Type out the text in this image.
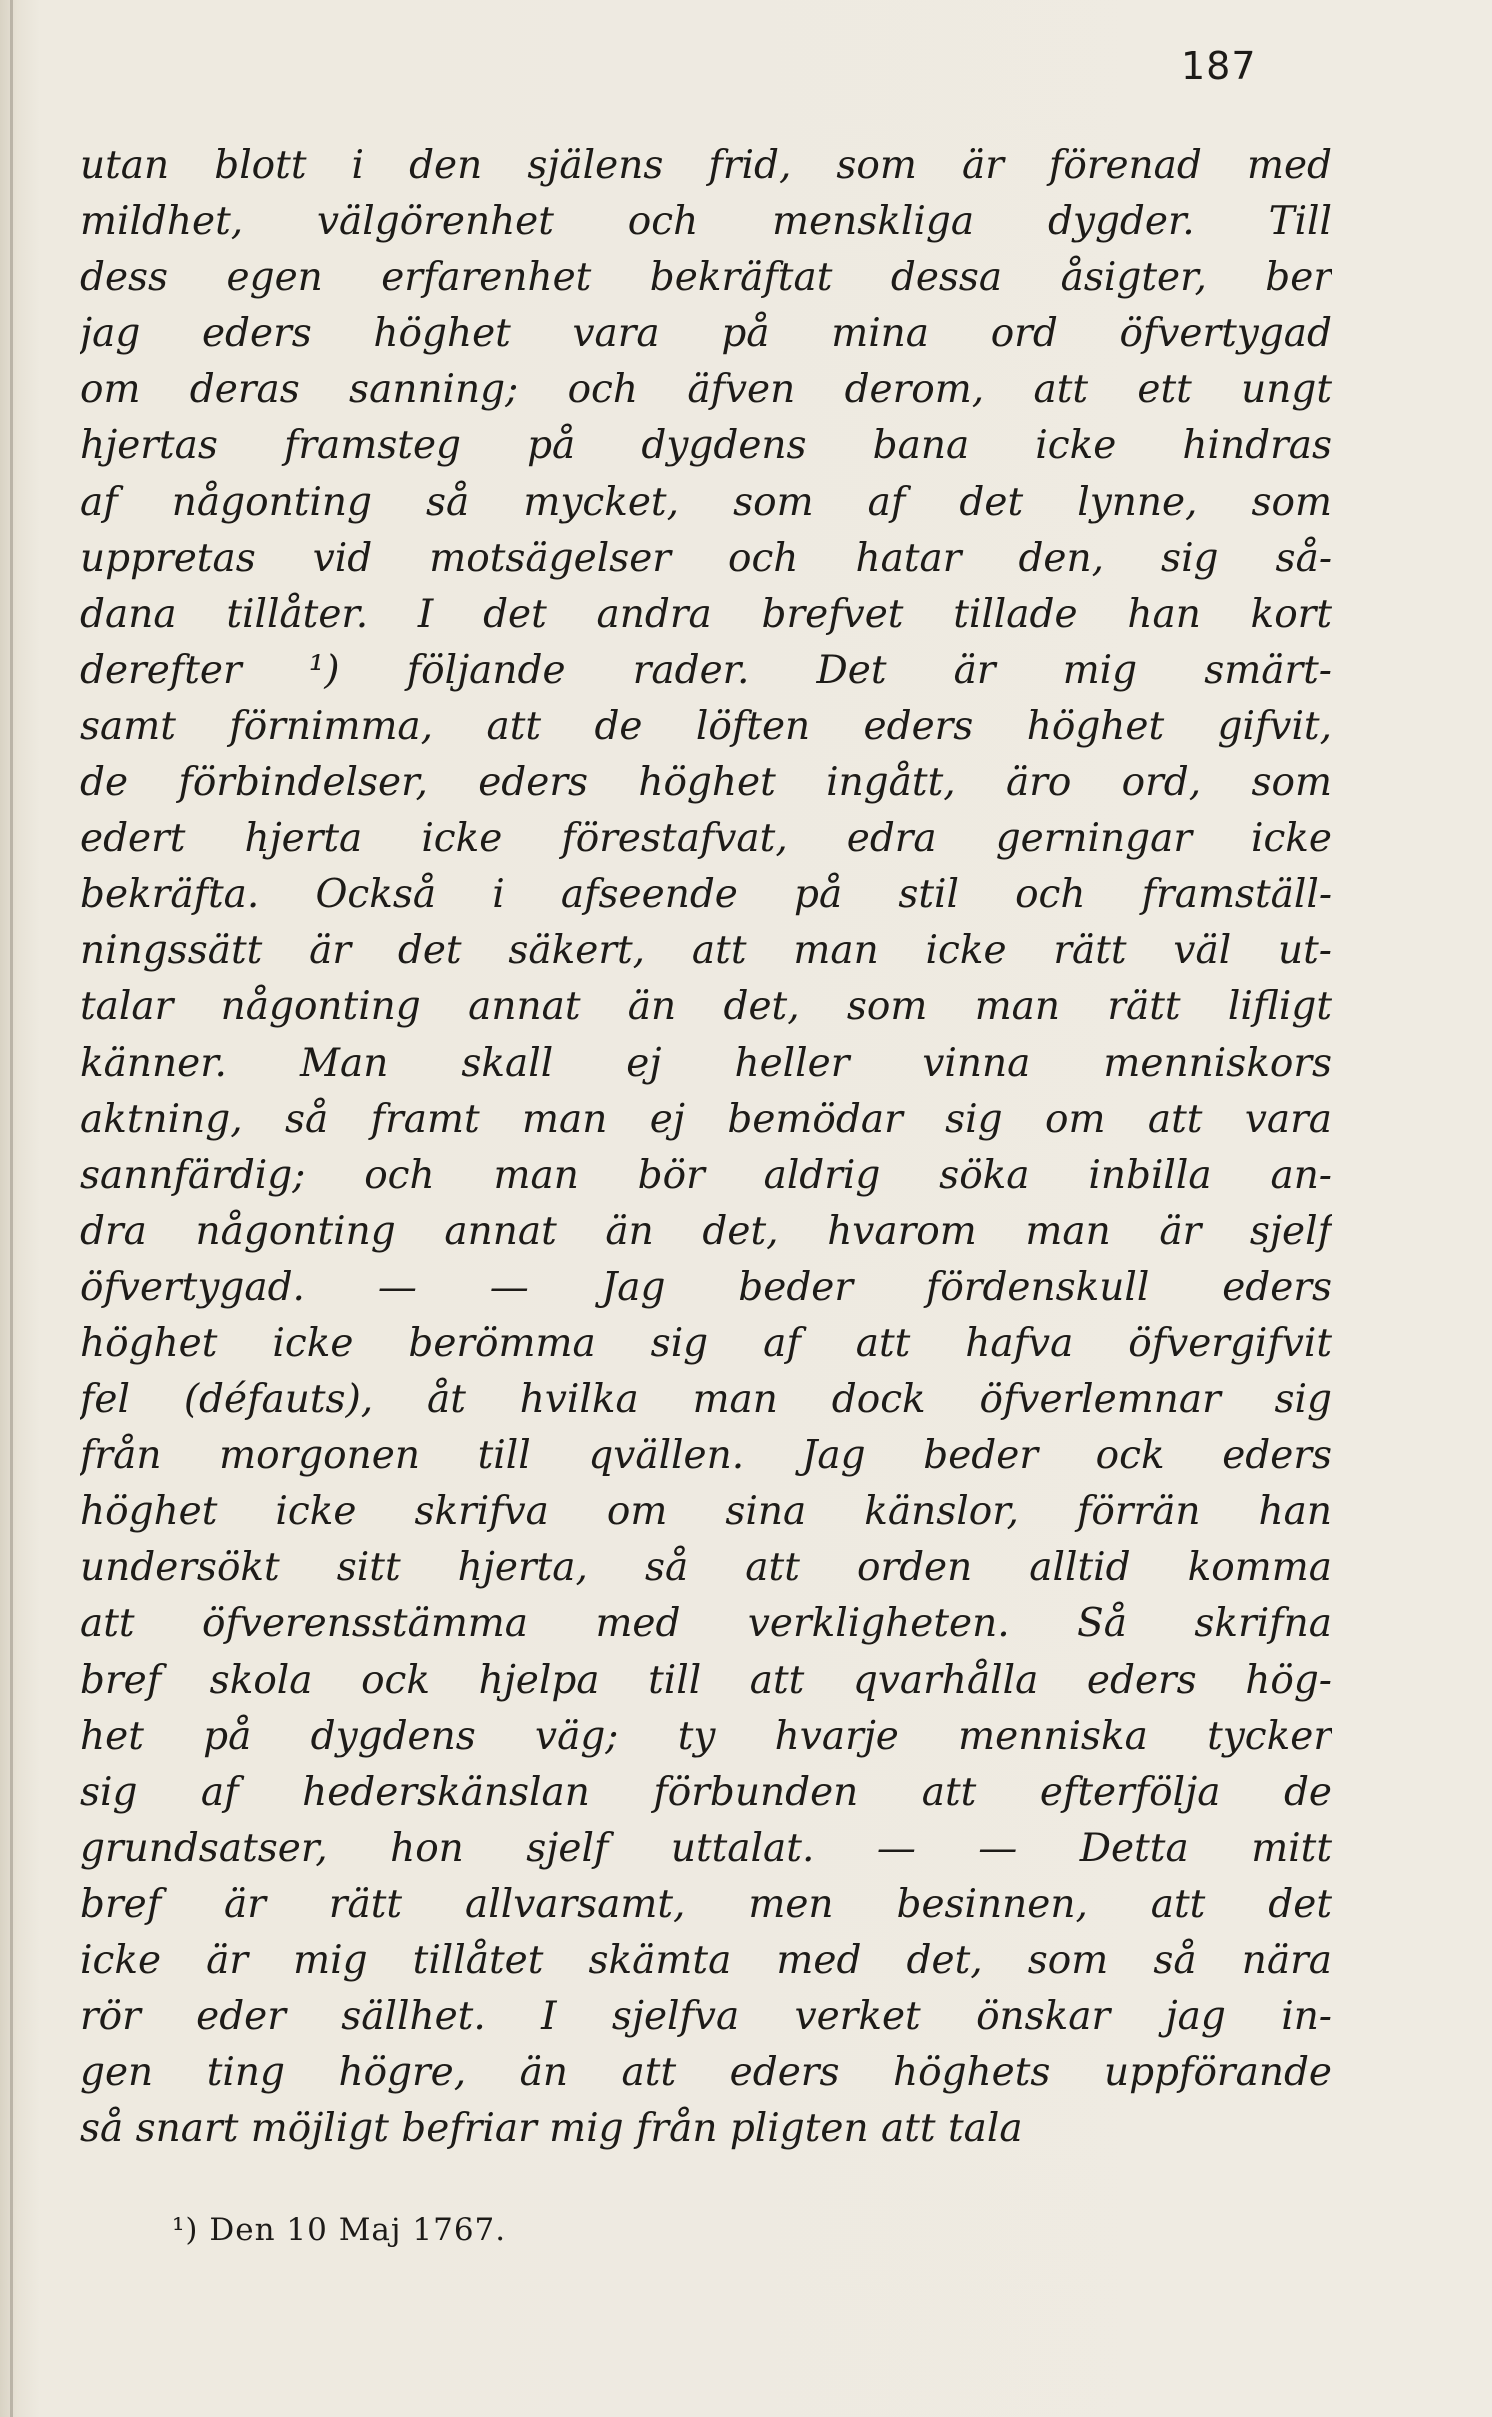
187
utan blott i den själens frid, som är förenad med
mildhet, välgörenhet och menskliga dygder. Till
dess egen erfarenhet bekräftat dessa åsigter, ber
jag eders höghet vara på mina ord öfvertygad
om deras sanning; och äfven derom, att ett ungt
hjertas framsteg på dygdens bana icke hindras
af någonting så mycket, som af det lynne, som
uppretas vid motsägelser och hatar den, sig så-
dana tillåter. I det andra brefvet tillade han kort
derefter ¹) följande rader. Det är mig smärt-
samt förnimma, att de löften eders höghet gifvit,
de förbindelser, eders höghet ingått, äro ord, som
edert hjerta icke förestafvat, edra gerningar icke
bekräfta. Också i afseende på stil och framställ-
ningssätt är det säkert, att man icke rätt väl ut-
talar någonting annat än det, som man rätt lifligt
känner. Man skall ej heller vinna menniskors
aktning, så framt man ej bemödar sig om att vara
sannfärdig; och man bör aldrig söka inbilla an-
dra någonting annat än det, hvarom man är sjelf
öfvertygad. — — Jag beder fördenskull eders
höghet icke berömma sig af att hafva öfvergifvit
fel (défauts), åt hvilka man dock öfverlemnar sig
från morgonen till qvällen. Jag beder ock eders
höghet icke skrifva om sina känslor, förrän han
undersökt sitt hjerta, så att orden alltid komma
att öfverensstämma med verkligheten. Så skrifna
bref skola ock hjelpa till att qvarhålla eders hög-
het på dygdens väg; ty hvarje menniska tycker
sig af hederskänslan förbunden att efterfölja de
grundsatser, hon sjelf uttalat. — — Detta mitt
bref är rätt allvarsamt, men besinnen, att det
icke är mig tillåtet skämta med det, som så nära
rör eder sällhet. I sjelfva verket önskar jag in-
gen ting högre, än att eders höghets uppförande
så snart möjligt befriar mig från pligten att tala
¹) Den 10 Maj 1767.
